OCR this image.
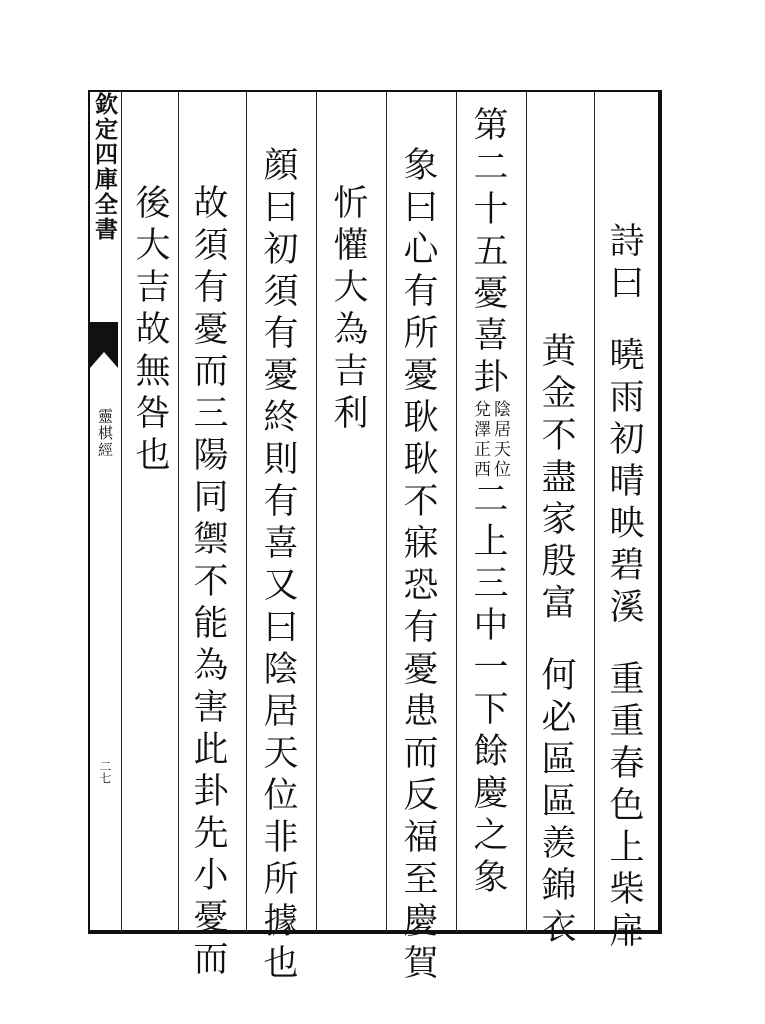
欽定四庫全書
靈棋經
二七
詩曰曉雨初晴映碧溪重重春色上柴扉
黄金不盡家殷富何必區區羨錦衣
第二十五憂喜卦
陰居天位
兌澤正西
二上三中一下餘慶之象
象曰心有所憂耿耿不寐恐有憂患而反福至慶賀
忻懽大為吉利
顔曰初須有憂終則有喜又曰陰居天位非所據也
故須有憂而三陽同禦不能為害此卦先小憂而
後大吉故無咎也
